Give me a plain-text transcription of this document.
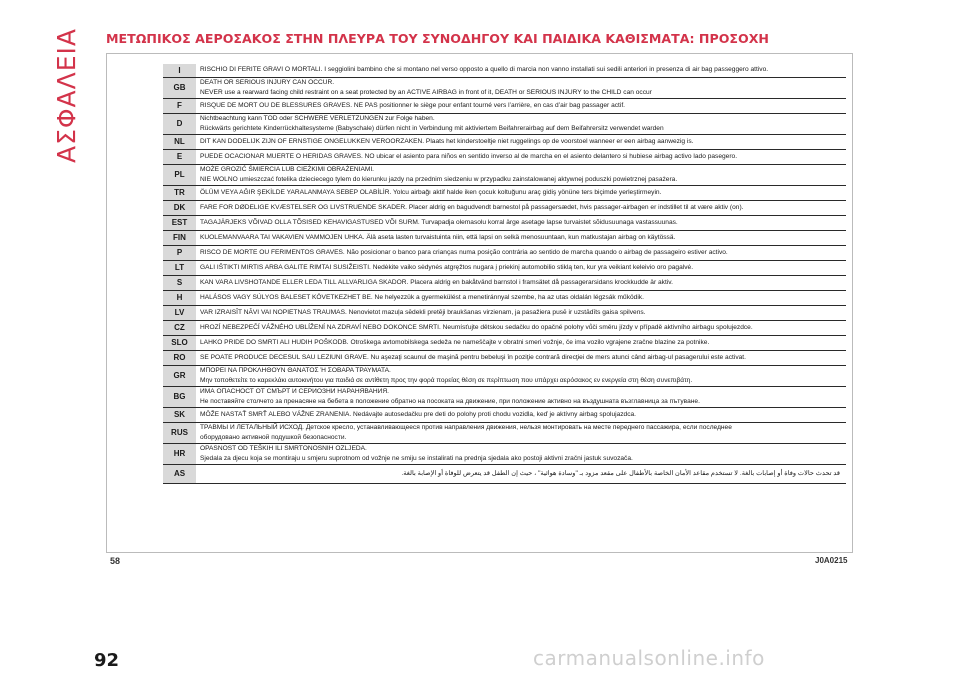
ΑΣΦΑΛΕΙΑ ΜΕΤΩΠΙΚΟΣ ΑΕΡΟΣΑΚΟΣ ΣΤΗΝ ΠΛΕΥΡΑ ΤΟΥ ΣΥΝΟΔΗΓΟΥ ΚΑΙ ΠΑΙΔΙΚΑ ΚΑΘΙΣΜΑΤΑ: ΠΡΟΣΟΧΗ
I	RISCHIO DI FERITE GRAVI O MORTALI. I seggiolini bambino che si montano nel verso opposto a quello di marcia non vanno installati sui sedili anteriori in presenza di air bag passeggero attivo.

GB	DEATH OR SERIOUS INJURY CAN OCCUR.
NEVER use a rearward facing child restraint on a seat protected by an ACTIVE AIRBAG in front of it, DEATH or SERIOUS INJURY to the CHILD can occur

F	RISQUE DE MORT OU DE BLESSURES GRAVES. NE PAS positionner le siège pour enfant tourné vers l’arrière, en cas d’air bag passager actif.

D	Nichtbeachtung kann TOD oder SCHWERE VERLETZUNGEN zur Folge haben.
Rückwärts gerichtete Kinderrückhaltesysteme (Babyschale) dürfen nicht in Verbindung mit aktiviertem Beifahrerairbag auf dem Beifahrersitz verwendet warden

NL	DIT KAN DODELIJK ZIJN OF ERNSTIGE ONGELUKKEN VEROORZAKEN. Plaats het kinderstoeltje niet ruggelings op de voorstoel wanneer er een airbag aanwezig is.

E	PUEDE OCACIONAR MUERTE O HERIDAS GRAVES. NO ubicar el asiento para niños en sentido inverso al de marcha en el asiento delantero si hubiese airbag activo lado pasegero.

PL	MOŻE GROZIĆ ŚMIERCIA LUB CIEŻKIMI OBRAŻENIAMI.
NIE WOLNO umieszczać fotelika dzieciecego tylem do kierunku jazdy na przednim siedzeniu w przypadku zainstalowanej aktywnej poduszki powietrznej pasażera.

TR	ÖLÜM VEYA AĞIR ŞEKİLDE YARALANMAYA SEBEP OLABİLİR. Yolcu airbağı aktif halde iken çocuk koltuğunu araç gidiş yönüne ters biçimde yerleştirmeyin.

DK	FARE FOR DØDELIGE KVÆSTELSER OG LIVSTRUENDE SKADER. Placer aldrig en bagudvendt barnestol på passagersædet, hvis passager-airbagen er indstillet til at være aktiv (on).

EST	TAGAJÄRJEKS VÕIVAD OLLA TÕSISED KEHAVIGASTUSED VÕI SURM. Turvapadja olemasolu korral ärge asetage lapse turvaistet sõidusuunaga vastassuunas.

FIN	KUOLEMANVAARA TAI VAKAVIEN VAMMOJEN UHKA. Älä aseta lasten turvaistuinta niin, että lapsi on selkä menosuuntaan, kun matkustajan airbag on käytössä.

P	RISCO DE MORTE OU FERIMENTOS GRAVES. Não posicionar o banco para crianças numa posição contrária ao sentido de marcha quando o airbag de passageiro estiver activo.

LT	GALI IŠTIKTI MIRTIS ARBA GALITE RIMTAI SUSIŽEISTI. Nedėkite vaiko sėdynės atgręžtos nugara į priekinį automobilio stiklą ten, kur yra veikiant keleivio oro pagalvė.

S	KAN VARA LIVSHOTANDE ELLER LEDA TILL ALLVARLIGA SKADOR. Placera aldrig en bakåtvänd barnstol i framsätet då passagerarsidans krockkudde är aktiv.

H	HALÁSOS VAGY SÚLYOS BALESET KÖVETKEZHET BE. Ne helyezzük a gyermekülést a menetiránnyal szembe, ha az utas oldalán légzsák működik.

LV	VAR IZRAISĪT NĀVI VAI NOPIETNAS TRAUMAS. Nenovietot mazuļa sēdekli pretēji braukšanas virzienam, ja pasažiera pusē ir uzstādīts gaisa spilvens.

CZ	HROZÍ NEBEZPEČÍ VÁŽNÉHO UBLÍŽENÍ NA ZDRAVÍ NEBO DOKONCE SMRTI. Neumísťujte dětskou sedačku do opačné polohy vůči směru jízdy v případě aktivního airbagu spolujezdce.

SLO	LAHKO PRIDE DO SMRTI ALI HUDIH POŠKODB. Otroškega avtomobilskega sedeža ne nameščajte v obratni smeri vožnje, če ima vozilo vgrajene zračne blazine za potnike.

RO	SE POATE PRODUCE DECESUL SAU LEZIUNI GRAVE. Nu aşezaţi scaunul de maşină pentru bebeluşi în poziţie contrară direcţiei de mers atunci când airbag-ul pasagerului este activat.

GR	ΜΠΟΡΕΙ ΝΑ ΠΡΟΚΛΗΘΟΥΝ ΘΑΝΑΤΟΣ Ή ΣΟΒΑΡΑ ΤΡΑΥΜΑΤΑ.
Μην τοποθετείτε το καρεκλάκι αυτοκινήτου για παιδιά σε αντίθετη προς την φορά πορείας θέση σε περίπτωση που υπάρχει αερόσακος εν ενεργεία στη θέση συνεπιβάτη.

BG	ИМА ОПАСНОСТ ОТ СМЪРТ И СЕРИОЗНИ НАРАНЯВАНИЯ.
Не поставяйте столчето за пренасяне на бебета в положение обратно на посоката на движение, при положение активно на въздушната възглавница за пътуване.

SK	MÔŽE NASTAŤ SMRŤ ALEBO VÁŽNE ZRANENIA. Nedávajte autosedačku pre deti do polohy proti chodu vozidla, keď je aktívny airbag spolujazdca.

RUS	ТРАВМЫ И ЛЕТАЛЬНЫЙ ИСХОД. Детское кресло, устанавливающееся против направления движения, нельзя монтировать на месте переднего пассажира, если последнее
оборудовано активной подушкой безопасности.

HR	OPASNOST OD TEŠKIH ILI SMRTONOSNIH OZLJEDA.
Sjedala za djecu koja se montiraju u smjeru suprotnom od vožnje ne smiju se instalirati na prednja sjedala ako postoji aktivni zračni jastuk suvozača.

AS	قد تحدث حالات وفاة أو إصابات بالغة. لا تستخدم مقاعد الأمان الخاصة بالأطفال على مقعد مزود بـ "وسادة هوائية" ، حيث إن الطفل قد يتعرض للوفاة أو الإصابة بالغة.
58	J0A0215
92	carmanualsonline.info
